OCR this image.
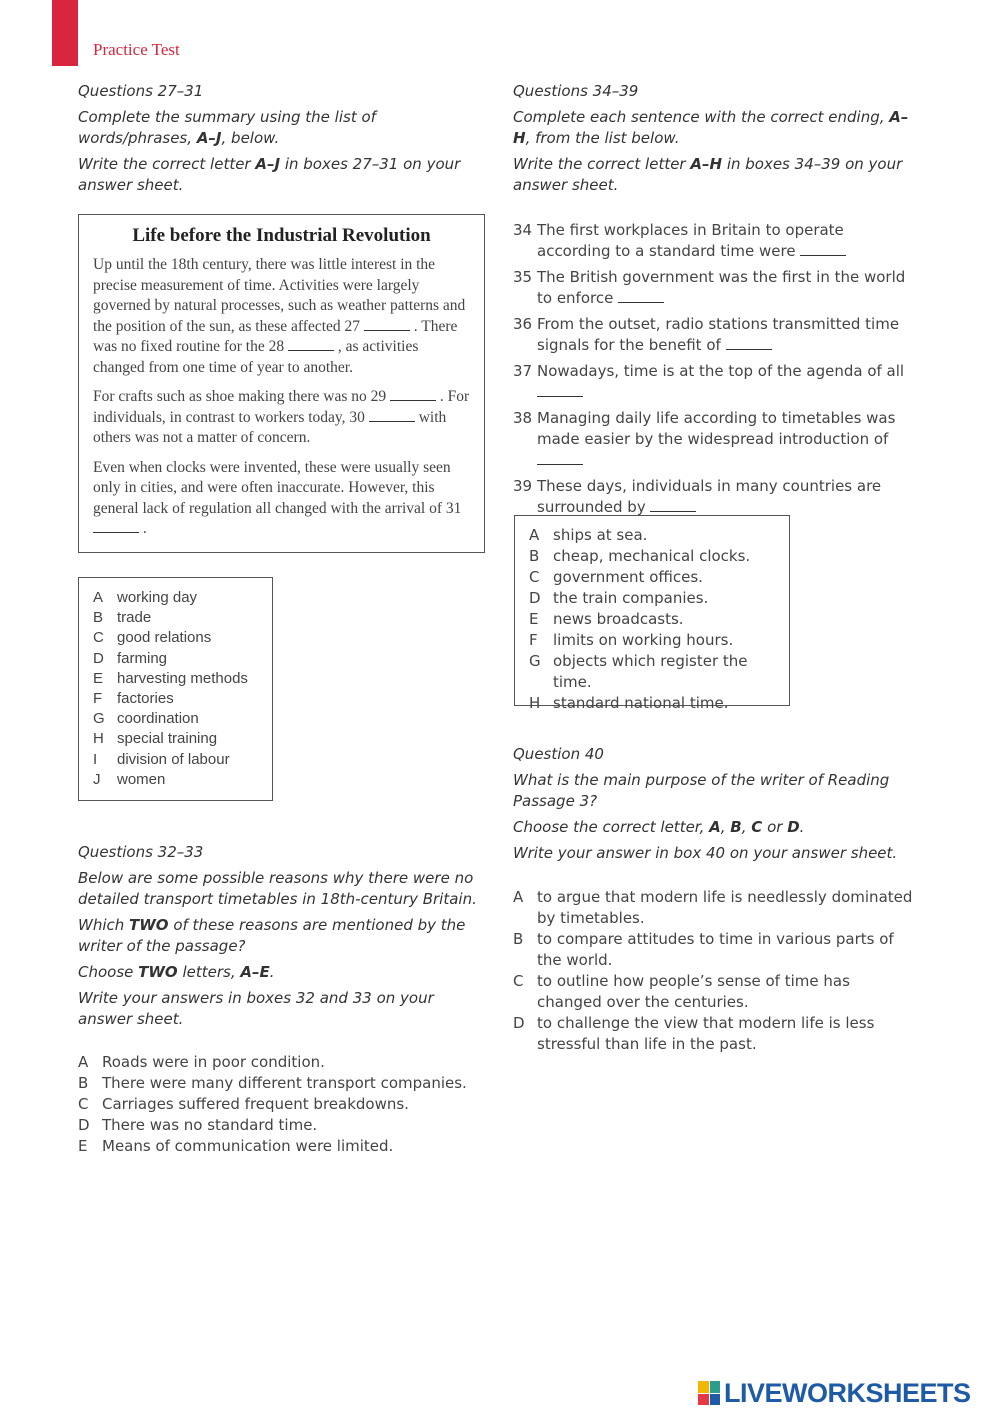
Practice Test

Questions 27–31

Complete the summary using the list of words/phrases, A–J, below.

Write the correct letter A–J in boxes 27–31 on your answer sheet.

Life before the Industrial Revolution

Up until the 18th century, there was little interest in the precise measurement of time. Activities were largely governed by natural processes, such as weather patterns and the position of the sun, as these affected 27	. There was no fixed routine for the 28	, as activities changed from one time of year to another.

For crafts such as shoe making there was no 29	. For individuals, in contrast to workers today, 30	with others was not a matter of concern.

Even when clocks were invented, these were usually seen only in cities, and were often inaccurate. However, this general lack of regulation all changed with the arrival of 31  .

A working day
B trade
C good relations
D farming
E harvesting methods
F factories
G coordination
H special training
I division of labour
J women

Questions 32–33

Below are some possible reasons why there were no detailed transport timetables in 18th-century Britain.

Which TWO of these reasons are mentioned by the writer of the passage?

Choose TWO letters, A–E.

Write your answers in boxes 32 and 33 on your answer sheet.

A Roads were in poor condition.
B There were many different transport companies.
C Carriages suffered frequent breakdowns.
D There was no standard time.
E Means of communication were limited.

Questions 34–39

Complete each sentence with the correct ending, A–H, from the list below.

Write the correct letter A–H in boxes 34–39 on your answer sheet.

34 The first workplaces in Britain to operate according to a standard time were
35 The British government was the first in the world to enforce
36 From the outset, radio stations transmitted time signals for the benefit of
37 Nowadays, time is at the top of the agenda of all

38 Managing daily life according to timetables was made easier by the widespread introduction of
39 These days, individuals in many countries are surrounded by
A ships at sea.
B cheap, mechanical clocks.
C government offices.
D the train companies.
E news broadcasts.
F	limits on working hours.
G objects which register the time.
H standard national time.

Question 40

What is the main purpose of the writer of Reading Passage 3?

Choose the correct letter, A, B, C or D.

Write your answer in box 40 on your answer sheet.

A to argue that modern life is needlessly dominated by timetables.
B to compare attitudes to time in various parts of the world.
C to outline how people’s sense of time has changed over the centuries.
D to challenge the view that modern life is less stressful than life in the past.
LIVEWORKSHEETS
